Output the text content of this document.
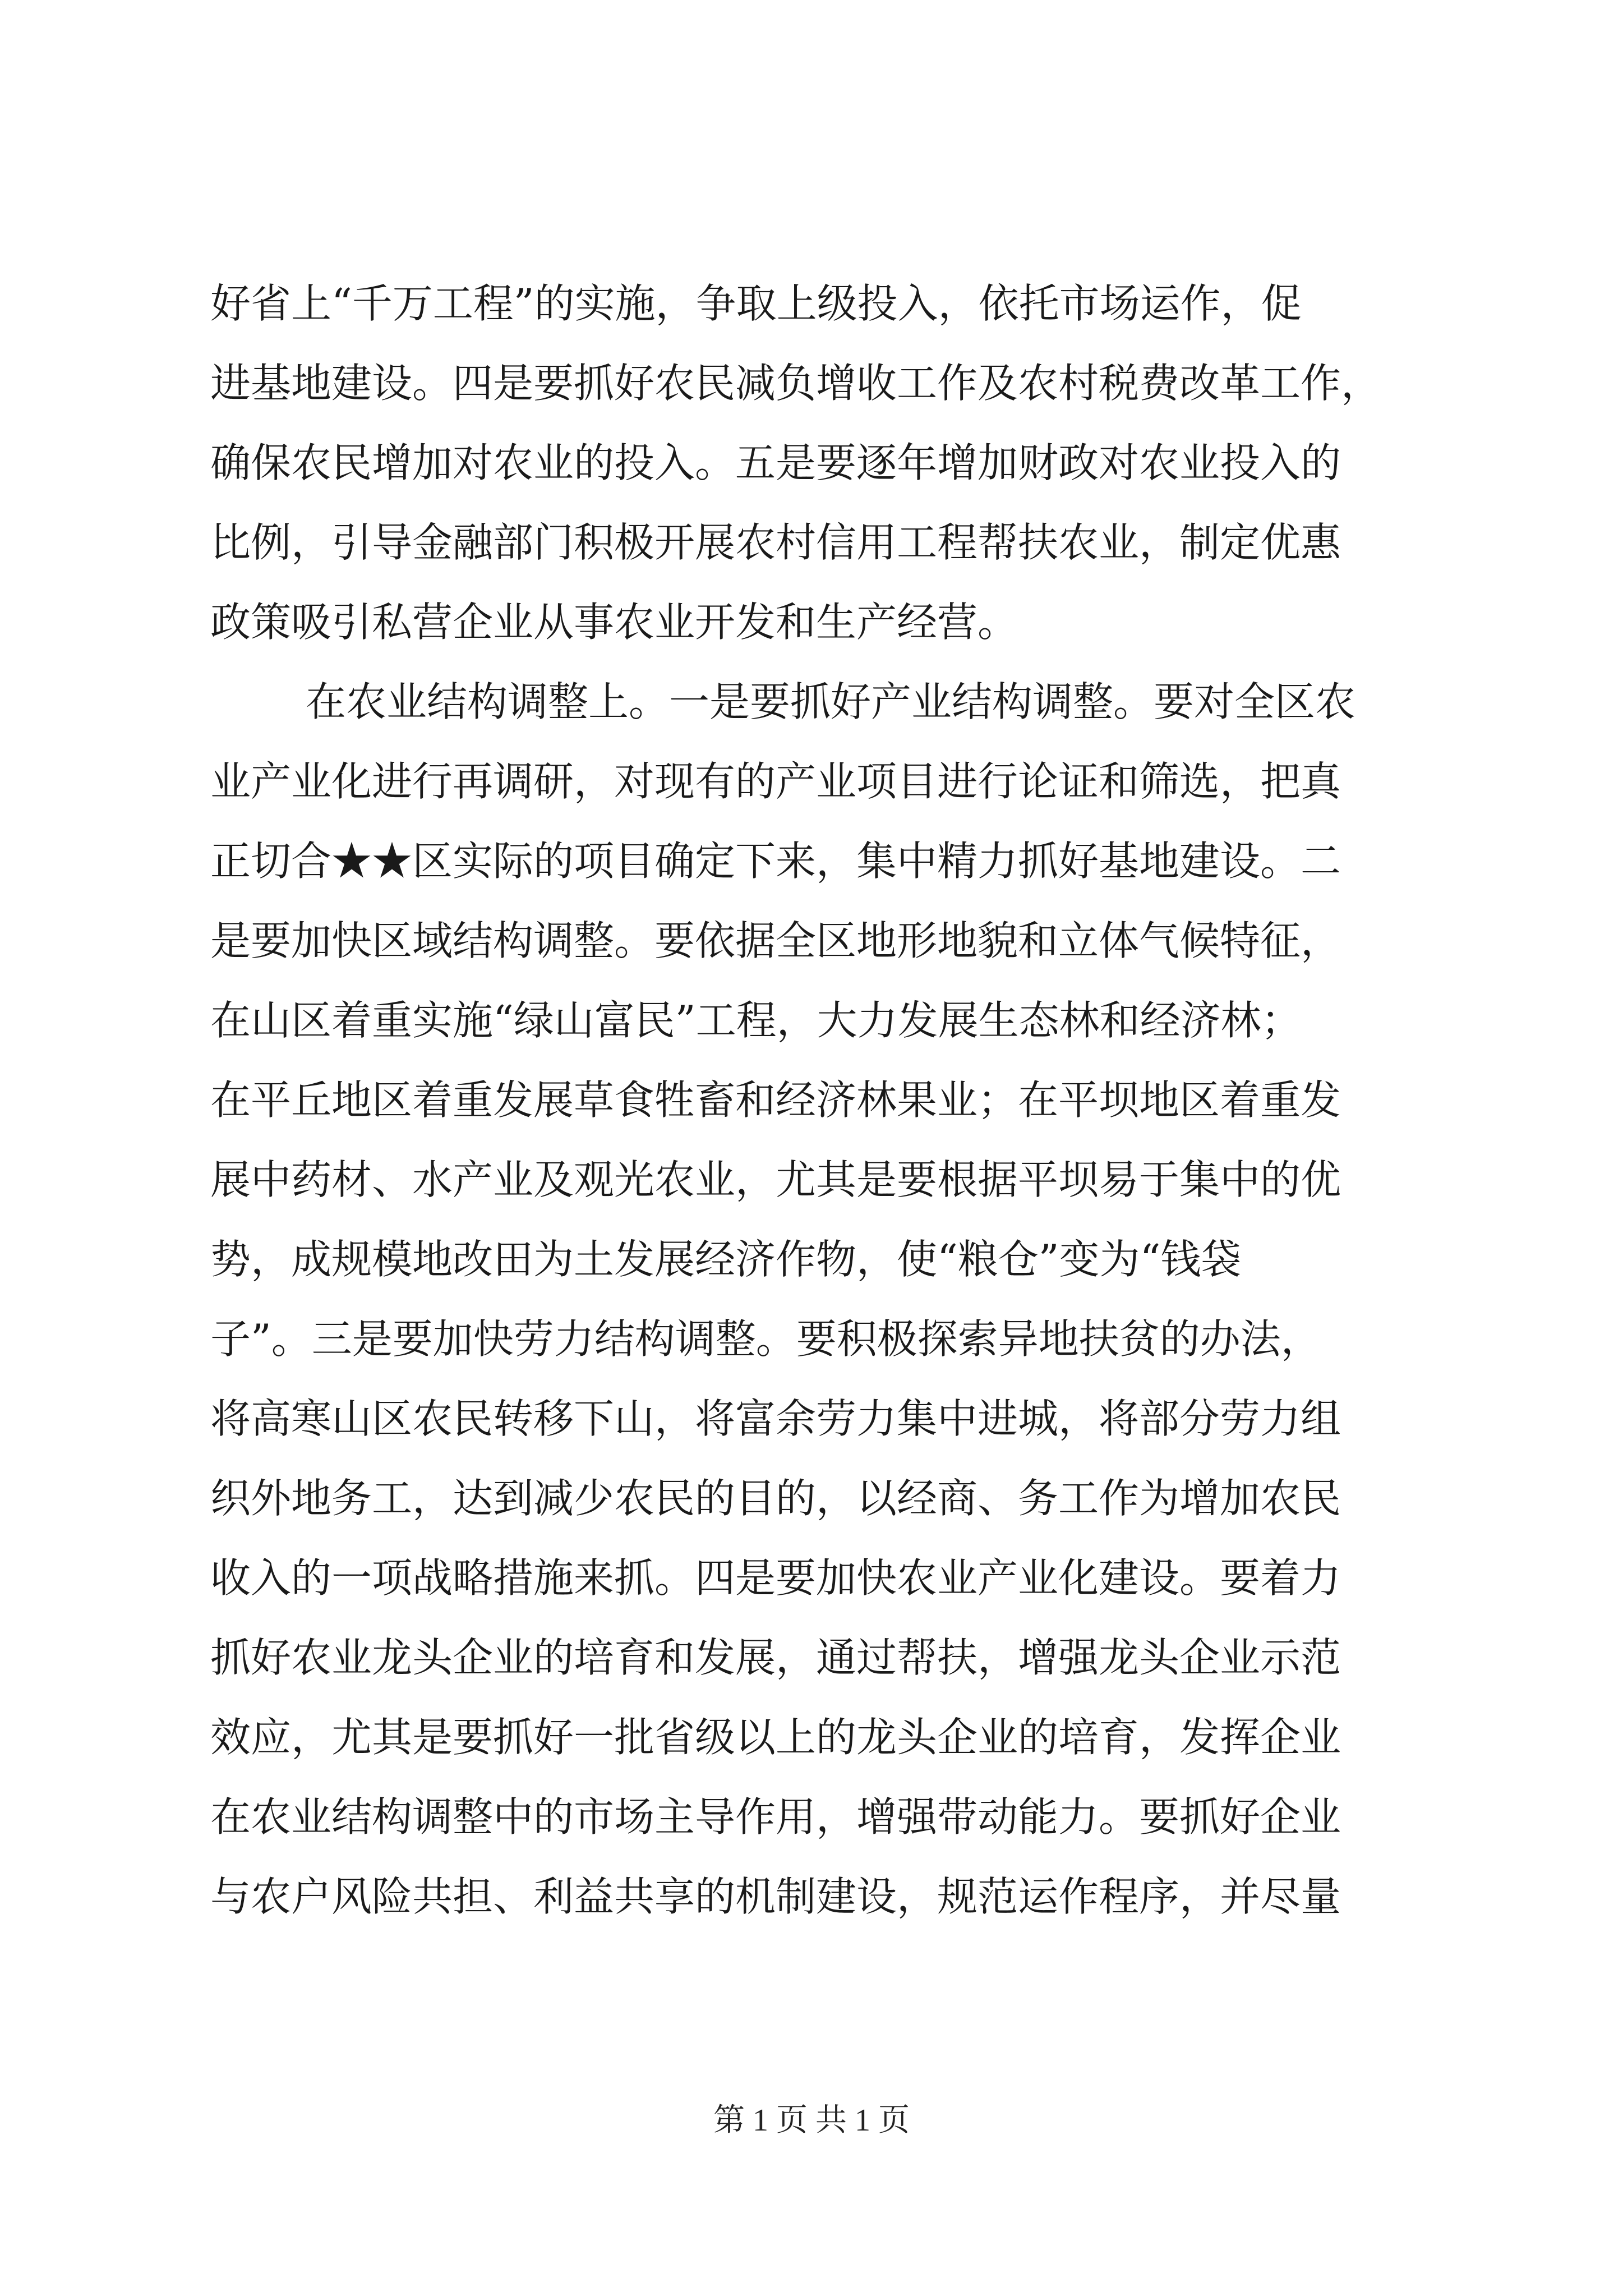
好省上“千万工程”的实施，争取上级投入，依托市场运作，促
进基地建设。四是要抓好农民减负增收工作及农村税费改革工作，
确保农民增加对农业的投入。五是要逐年增加财政对农业投入的
比例，引导金融部门积极开展农村信用工程帮扶农业，制定优惠
政策吸引私营企业从事农业开发和生产经营。
在农业结构调整上。一是要抓好产业结构调整。要对全区农
业产业化进行再调研，对现有的产业项目进行论证和筛选，把真
正切合★★区实际的项目确定下来，集中精力抓好基地建设。二
是要加快区域结构调整。要依据全区地形地貌和立体气候特征，
在山区着重实施“绿山富民”工程，大力发展生态林和经济林；
在平丘地区着重发展草食牲畜和经济林果业；在平坝地区着重发
展中药材、水产业及观光农业，尤其是要根据平坝易于集中的优
势，成规模地改田为土发展经济作物，使“粮仓”变为“钱袋
子”。三是要加快劳力结构调整。要积极探索异地扶贫的办法，
将高寒山区农民转移下山，将富余劳力集中进城，将部分劳力组
织外地务工，达到减少农民的目的，以经商、务工作为增加农民
收入的一项战略措施来抓。四是要加快农业产业化建设。要着力
抓好农业龙头企业的培育和发展，通过帮扶，增强龙头企业示范
效应，尤其是要抓好一批省级以上的龙头企业的培育，发挥企业
在农业结构调整中的市场主导作用，增强带动能力。要抓好企业
与农户风险共担、利益共享的机制建设，规范运作程序，并尽量
第 1 页 共 1 页
